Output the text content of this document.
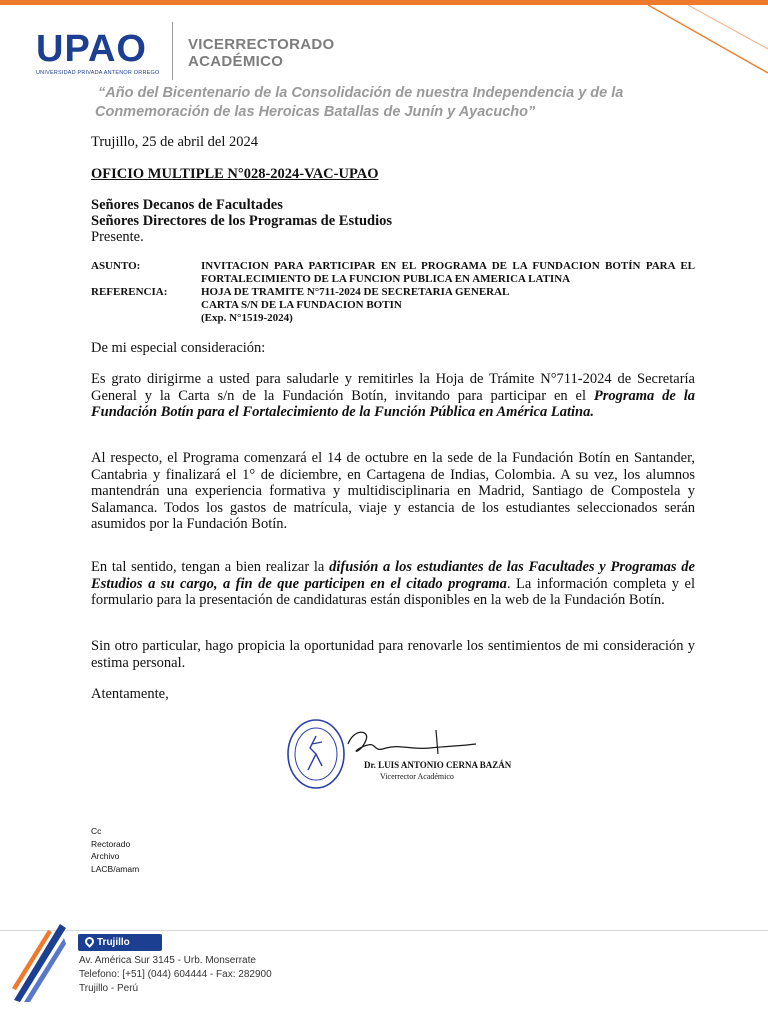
UPAO
UNIVERSIDAD PRIVADA ANTENOR ORREGO
VICERRECTORADO
ACADÉMICO
“Año del Bicentenario de la Consolidación de nuestra Independencia y de la
Conmemoración de las Heroicas Batallas de Junín y Ayacucho”
Trujillo, 25 de abril del 2024
OFICIO MULTIPLE N°028-2024-VAC-UPAO
Señores Decanos de Facultades
Señores Directores de los Programas de Estudios
Presente.
ASUNTO:	INVITACION PARA PARTICIPAR EN EL PROGRAMA DE LA FUNDACION BOTÍN PARA EL FORTALECIMIENTO DE LA FUNCION PUBLICA EN AMERICA LATINA
REFERENCIA:	HOJA DE TRAMITE N°711-2024 DE SECRETARIA GENERAL
CARTA S/N DE LA FUNDACION BOTIN
(Exp. N°1519-2024)
De mi especial consideración:
Es grato dirigirme a usted para saludarle y remitirles la Hoja de Trámite N°711-2024 de Secretaría General y la Carta s/n de la Fundación Botín, invitando para participar en el Programa de la Fundación Botín para el Fortalecimiento de la Función Pública en América Latina.
Al respecto, el Programa comenzará el 14 de octubre en la sede de la Fundación Botín en Santander, Cantabria y finalizará el 1° de diciembre, en Cartagena de Indias, Colombia. A su vez, los alumnos mantendrán una experiencia formativa y multidisciplinaria en Madrid, Santiago de Compostela y Salamanca. Todos los gastos de matrícula, viaje y estancia de los estudiantes seleccionados serán asumidos por la Fundación Botín.
En tal sentido, tengan a bien realizar la difusión a los estudiantes de las Facultades y Programas de Estudios a su cargo, a fin de que participen en el citado programa. La información completa y el formulario para la presentación de candidaturas están disponibles en la web de la Fundación Botín.
Sin otro particular, hago propicia la oportunidad para renovarle los sentimientos de mi consideración y estima personal.
Atentamente,
Dr. LUIS ANTONIO CERNA BAZÁN
Vicerrector Académico
Cc
Rectorado
Archivo
LACB/amam
Trujillo
Av. América Sur 3145 - Urb. Monserrate
Telefono: [+51] (044) 604444 - Fax: 282900
Trujillo - Perú
